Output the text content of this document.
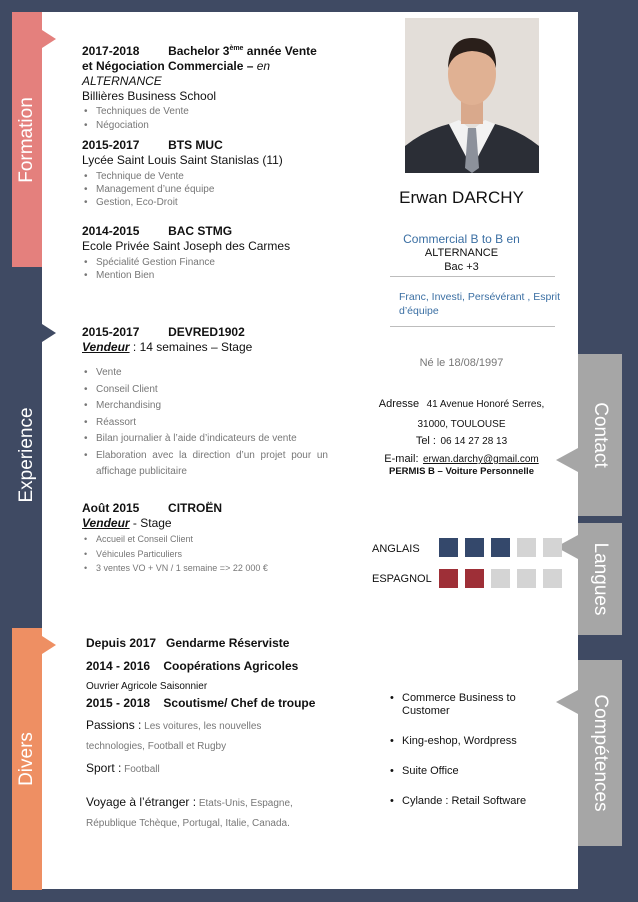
Formation
Experience
Divers
Contact
Langues
Compétences
2017-2018 Bachelor 3ème année Vente
et Négociation Commerciale – en
ALTERNANCE
Billières Business School
• Techniques de Vente
• Négociation
2015-2017 BTS MUC
Lycée Saint Louis Saint Stanislas (11)
• Technique de Vente
• Management d’une équipe
• Gestion, Eco-Droit
2014-2015 BAC STMG
Ecole Privée Saint Joseph des Carmes
• Spécialité Gestion Finance
• Mention Bien
2015-2017 DEVRED1902
Vendeur : 14 semaines – Stage
• Vente
• Conseil Client
• Merchandising
• Réassort
• Bilan journalier à l’aide d’indicateurs de vente
• Elaboration avec la direction d’un projet pour un affichage publicitaire
Août 2015 CITROËN
Vendeur - Stage
• Accueil et Conseil Client
• Véhicules Particuliers
• 3 ventes VO + VN / 1 semaine => 22 000 €
Depuis 2017   Gendarme Réserviste
2014 - 2016    Coopérations Agricoles
Ouvrier Agricole Saisonnier
2015 - 2018    Scoutisme/ Chef de troupe
Passions : Les voitures, les nouvelles
technologies, Football et Rugby
Sport : Football
Voyage à l’étranger : Etats-Unis, Espagne,
République Tchèque, Portugal, Italie, Canada.
Erwan DARCHY
Commercial B to B en
ALTERNANCE
Bac +3
Franc, Investi, Persévérant , Esprit
d’équipe
Né le 18/08/1997
Adresse 41 Avenue Honoré Serres,
31000, TOULOUSE
Tel : 06 14 27 28 13
E-mail: erwan.darchy@gmail.com
PERMIS B – Voiture Personnelle
ANGLAIS
ESPAGNOL
• Commerce Business to Customer
• King-eshop, Wordpress
• Suite Office
• Cylande : Retail Software
